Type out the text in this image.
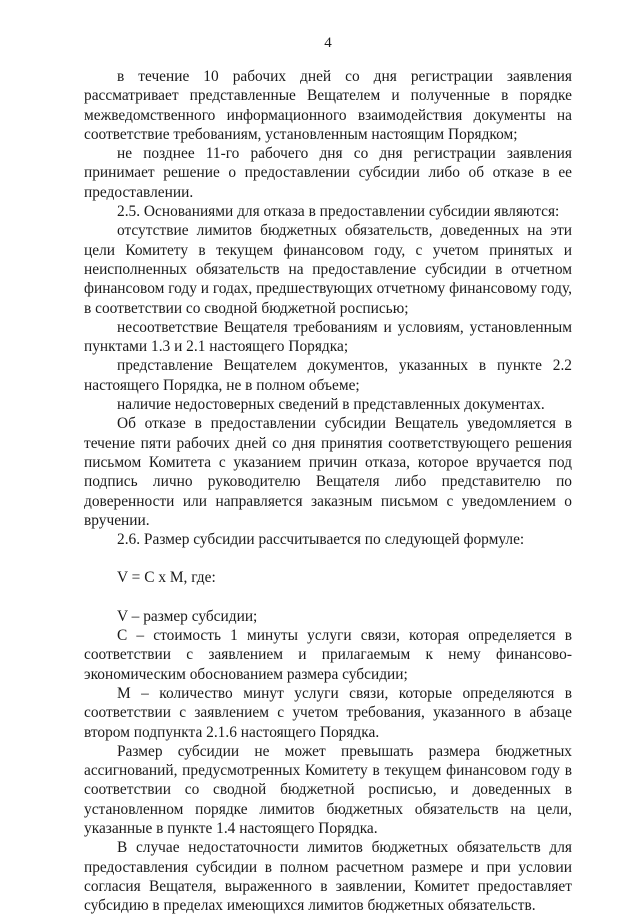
4

в течение 10 рабочих дней со дня регистрации заявления рассматривает представленные Вещателем и полученные в порядке межведомственного информационного взаимодействия документы на соответствие требованиям, установленным настоящим Порядком;

не позднее 11-го рабочего дня со дня регистрации заявления принимает решение о предоставлении субсидии либо об отказе в ее предоставлении.

2.5. Основаниями для отказа в предоставлении субсидии являются:

отсутствие лимитов бюджетных обязательств, доведенных на эти цели Комитету в текущем финансовом году, с учетом принятых и неисполненных обязательств на предоставление субсидии в отчетном финансовом году и годах, предшествующих отчетному финансовому году, в соответствии со сводной бюджетной росписью;

несоответствие Вещателя требованиям и условиям, установленным пунктами 1.3 и 2.1 настоящего Порядка;

представление Вещателем документов, указанных в пункте 2.2 настоящего Порядка, не в полном объеме;

наличие недостоверных сведений в представленных документах.

Об отказе в предоставлении субсидии Вещатель уведомляется в течение пяти рабочих дней со дня принятия соответствующего решения письмом Комитета с указанием причин отказа, которое вручается под подпись лично руководителю Вещателя либо представителю по доверенности или направляется заказным письмом с уведомлением о вручении.

2.6. Размер субсидии рассчитывается по следующей формуле:

V = C x M, где:

V – размер субсидии;

C – стоимость 1 минуты услуги связи, которая определяется в соответствии с заявлением и прилагаемым к нему финансово-экономическим обоснованием размера субсидии;

M – количество минут услуги связи, которые определяются в соответствии с заявлением с учетом требования, указанного в абзаце втором подпункта 2.1.6 настоящего Порядка.

Размер субсидии не может превышать размера бюджетных ассигнований, предусмотренных Комитету в текущем финансовом году в соответствии со сводной бюджетной росписью, и доведенных в установленном порядке лимитов бюджетных обязательств на цели, указанные в пункте 1.4 настоящего Порядка.

В случае недостаточности лимитов бюджетных обязательств для предоставления субсидии в полном расчетном размере и при условии согласия Вещателя, выраженного в заявлении, Комитет предоставляет субсидию в пределах имеющихся лимитов бюджетных обязательств.
